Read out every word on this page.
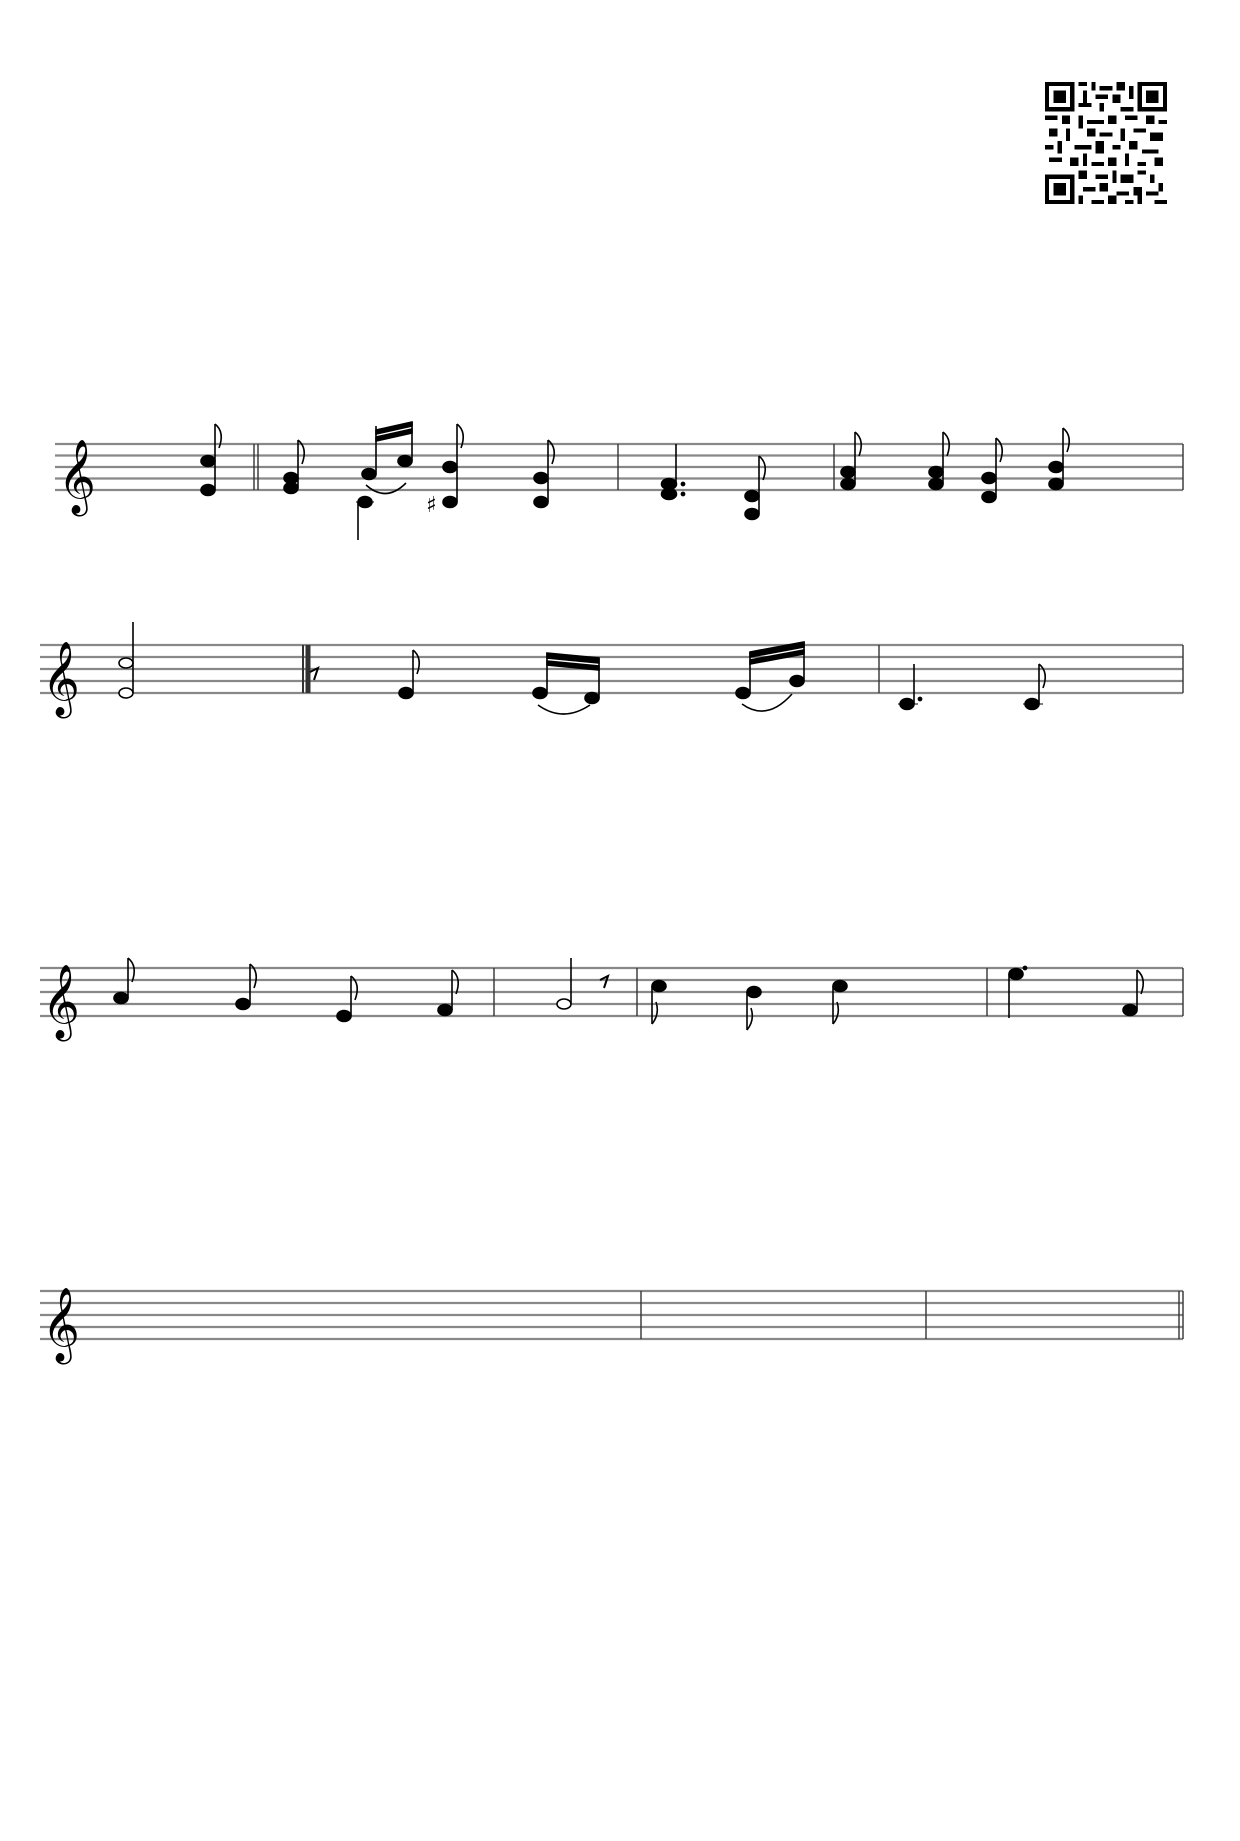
𝄞	♯
𝄞
𝄞
𝄞
